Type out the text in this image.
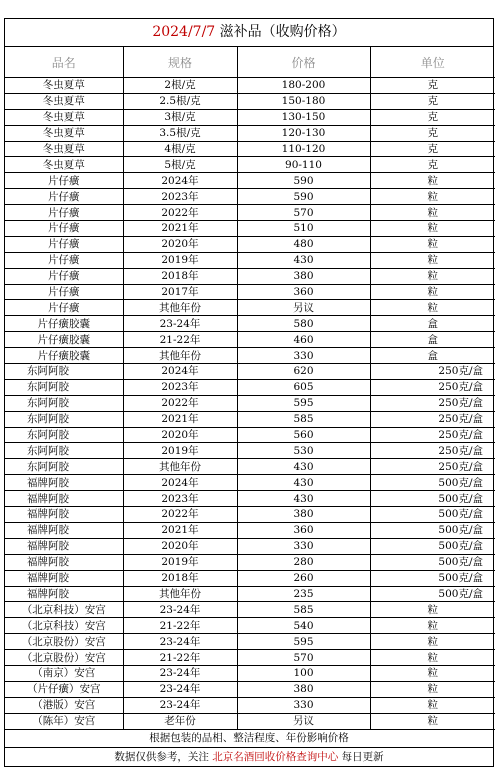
2024/7/7 滋补品（收购价格）
品名	规格	价格	单位
冬虫夏草	2根/克	180-200	克
冬虫夏草	2.5根/克	150-180	克
冬虫夏草	3根/克	130-150	克
冬虫夏草	3.5根/克	120-130	克
冬虫夏草	4根/克	110-120	克
冬虫夏草	5根/克	90-110	克
片仔癀	2024年	590	粒
片仔癀	2023年	590	粒
片仔癀	2022年	570	粒
片仔癀	2021年	510	粒
片仔癀	2020年	480	粒
片仔癀	2019年	430	粒
片仔癀	2018年	380	粒
片仔癀	2017年	360	粒
片仔癀	其他年份	另议	粒
片仔癀胶囊	23-24年	580	盒
片仔癀胶囊	21-22年	460	盒
片仔癀胶囊	其他年份	330	盒
东阿阿胶	2024年	620	250克/盒
东阿阿胶	2023年	605	250克/盒
东阿阿胶	2022年	595	250克/盒
东阿阿胶	2021年	585	250克/盒
东阿阿胶	2020年	560	250克/盒
东阿阿胶	2019年	530	250克/盒
东阿阿胶	其他年份	430	250克/盒
福牌阿胶	2024年	430	500克/盒
福牌阿胶	2023年	430	500克/盒
福牌阿胶	2022年	380	500克/盒
福牌阿胶	2021年	360	500克/盒
福牌阿胶	2020年	330	500克/盒
福牌阿胶	2019年	280	500克/盒
福牌阿胶	2018年	260	500克/盒
福牌阿胶	其他年份	235	500克/盒
（北京科技）安宫	23-24年	585	粒
（北京科技）安宫	21-22年	540	粒
（北京股份）安宫	23-24年	595	粒
（北京股份）安宫	21-22年	570	粒
（南京）安宫	23-24年	100	粒
（片仔癀）安宫	23-24年	380	粒
（港版）安宫	23-24年	330	粒
（陈年）安宫	老年份	另议	粒
根据包装的品相、整洁程度、年份影响价格
数据仅供参考，关注 北京名酒回收价格查询中心 每日更新
